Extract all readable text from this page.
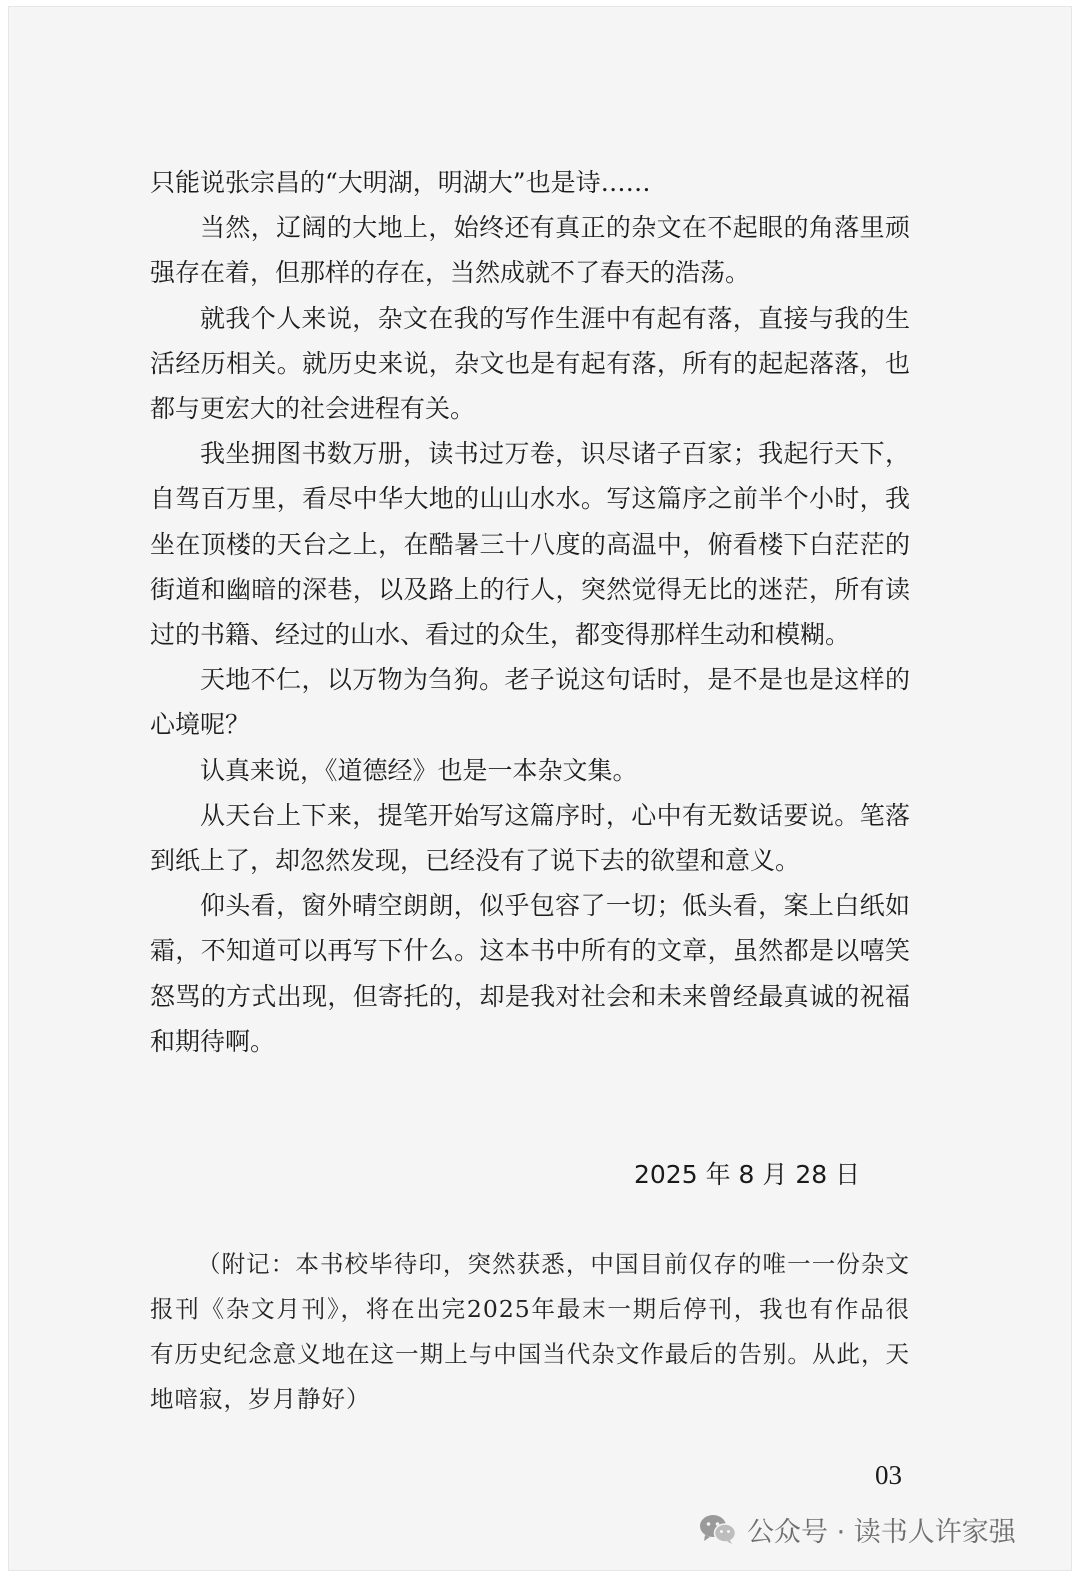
只能说张宗昌的“大明湖，明湖大”也是诗……

当然，辽阔的大地上，始终还有真正的杂文在不起眼的角落里顽强存在着，但那样的存在，当然成就不了春天的浩荡。

就我个人来说，杂文在我的写作生涯中有起有落，直接与我的生活经历相关。就历史来说，杂文也是有起有落，所有的起起落落，也都与更宏大的社会进程有关。

我坐拥图书数万册，读书过万卷，识尽诸子百家；我起行天下，自驾百万里，看尽中华大地的山山水水。写这篇序之前半个小时，我坐在顶楼的天台之上，在酷暑三十八度的高温中，俯看楼下白茫茫的街道和幽暗的深巷，以及路上的行人，突然觉得无比的迷茫，所有读过的书籍、经过的山水、看过的众生，都变得那样生动和模糊。

天地不仁，以万物为刍狗。老子说这句话时，是不是也是这样的心境呢？

认真来说，《道德经》也是一本杂文集。

从天台上下来，提笔开始写这篇序时，心中有无数话要说。笔落到纸上了，却忽然发现，已经没有了说下去的欲望和意义。

仰头看，窗外晴空朗朗，似乎包容了一切；低头看，案上白纸如霜，不知道可以再写下什么。这本书中所有的文章，虽然都是以嘻笑怒骂的方式出现，但寄托的，却是我对社会和未来曾经最真诚的祝福和期待啊。

2025 年 8 月 28 日

（附记：本书校毕待印，突然获悉，中国目前仅存的唯一一份杂文报刊《杂文月刊》，将在出完2025年最末一期后停刊，我也有作品很有历史纪念意义地在这一期上与中国当代杂文作最后的告别。从此，天地喑寂，岁月静好）

03
公众号 · 读书人许家强
